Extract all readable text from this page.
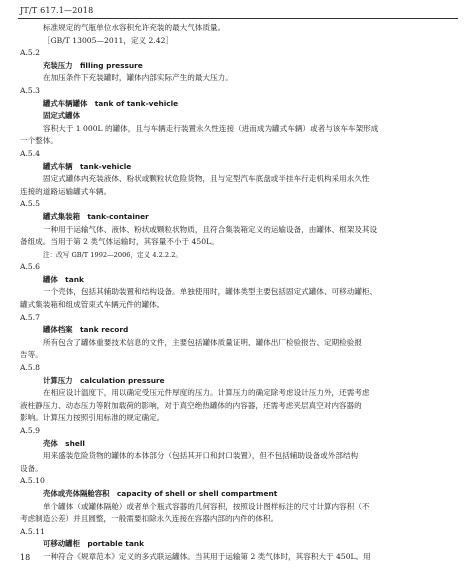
JT/T 617.1—2018
标准规定的气瓶单位水容积允许充装的最大气体质量。
［GB/T 13005—2011，定义 2.42］
A.5.2
充装压力　filling pressure
在加压条件下充装罐时，罐体内部实际产生的最大压力。
A.5.3
罐式车辆罐体　tank of tank-vehicle
固定式罐体
容积大于 1 000L 的罐体，且与车辆走行装置永久性连接（进而成为罐式车辆）或者与该车车架形成
一个整体。
A.5.4
罐式车辆　tank-vehicle
固定式罐体内充装液体、粉状或颗粒状危险货物，且与定型汽车底盘或半挂车行走机构采用永久性
连接的道路运输罐式车辆。
A.5.5
罐式集装箱　tank-container
一种用于运输气体、液体、粉状或颗粒状物质，且符合集装箱定义的运输设备，由罐体、框架及其设
备组成。当用于第 2 类气体运输时，其容量不小于 450L。
注：改写 GB/T 1992—2006，定义 4.2.2.2。
A.5.6
罐体　tank
一个壳体，包括其辅助装置和结构设备。单独使用时，罐体类型主要包括固定式罐体、可移动罐柜、
罐式集装箱和组成管束式车辆元件的罐体。
A.5.7
罐体档案　tank record
所有包含了罐体重要技术信息的文件，主要包括罐体质量证明、罐体出厂检验报告、定期检验报
告等。
A.5.8
计算压力　calculation pressure
在相应设计温度下，用以确定受压元件厚度的压力。计算压力的确定除考虑设计压力外，还需考虑
液柱静压力、动态压力等附加载荷的影响，对于真空绝热罐体的内容器，还需考虑夹层真空对内容器的
影响。计算压力按照引用标准的规定确定。
A.5.9
壳体　shell
用来盛装危险货物的罐体的本体部分（包括其开口和封口装置），但不包括辅助设备或外部结构
设备。
A.5.10
壳体或壳体隔舱容积　capacity of shell or shell compartment
单个罐体（或罐体隔舱）或者单个瓶式容器的几何容积，按照设计图样标注的尺寸计算内容积（不
考虑制造公差）并且圆整，一般需要扣除永久连接在容器内部的内件的体积。
A.5.11
可移动罐柜　portable tank
一种符合《规章范本》定义的多式联运罐体。当其用于运输第 2 类气体时，其容积大于 450L。用
18
